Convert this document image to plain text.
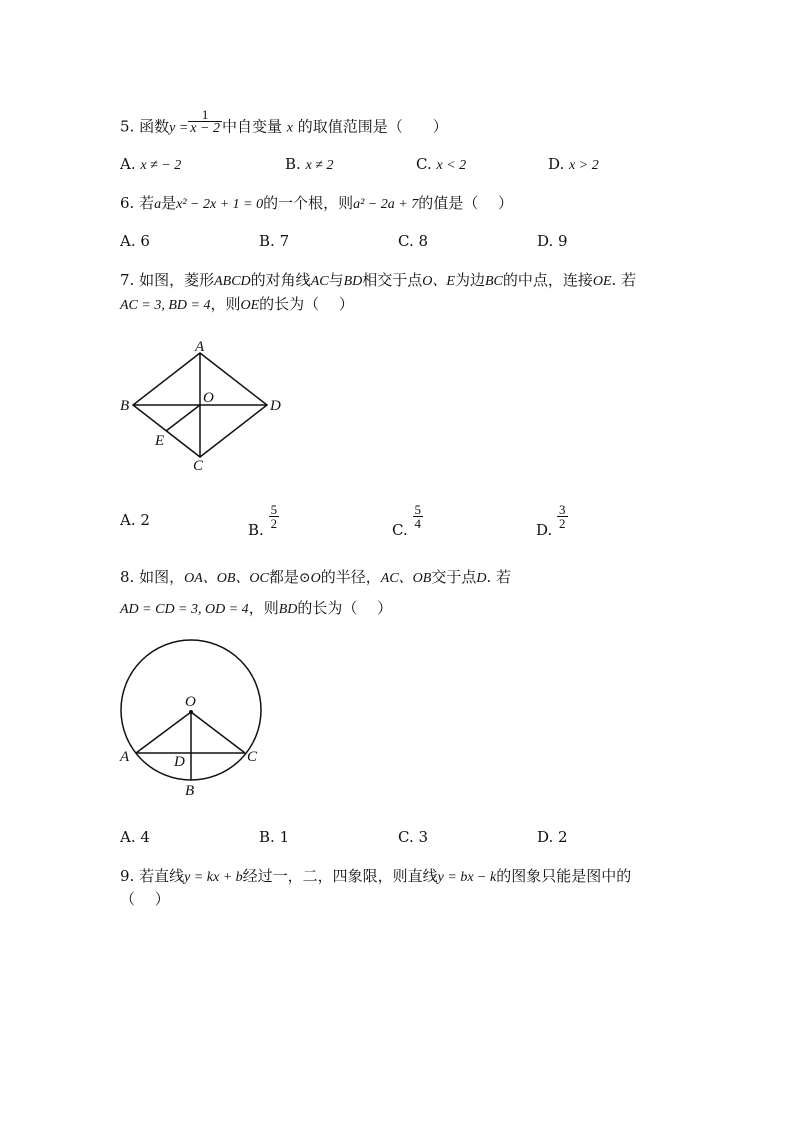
5. 函数$y = \frac{1}{x - 2}$ 中自变量 x 的取值范围是（　　）
A. x ≠ − 2	B. x ≠ 2	C. x < 2	D. x > 2
6. 若a是x² − 2x + 1 = 0的一个根，则a² − 2a + 7的值是（　 ）
A. 6	B. 7	C. 8	D. 9
7. 如图，菱形ABCD的对角线AC与BD相交于点O、E为边BC的中点，连接OE. 若
AC = 3, BD = 4，则OE的长为（　 ）
A
B	O	D
E
C
A. 2
B. $\frac{5}{2}$	C. $\frac{5}{4}$	D. $\frac{3}{2}$
8. 如图，OA、OB、OC都是⊙O的半径，AC、OB交于点D. 若
AD = CD = 3, OD = 4，则BD的长为（　 ）
O
A	D	C
B
A. 4	B. 1	C. 3	D. 2
9. 若直线y = kx + b经过一，二，四象限，则直线y = bx − k的图象只能是图中的
（　 ）
